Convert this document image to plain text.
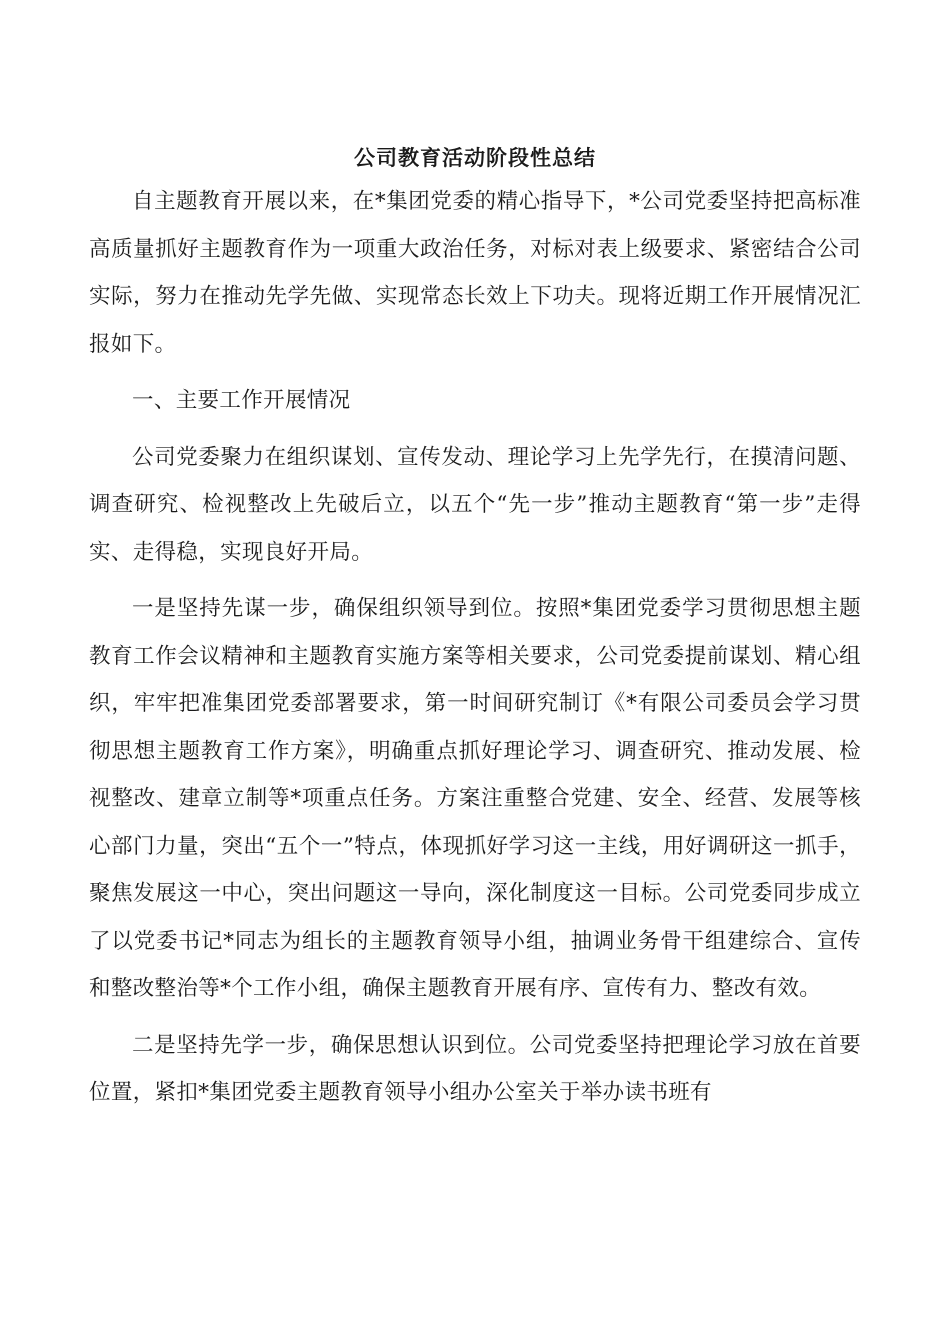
公司教育活动阶段性总结

自主题教育开展以来，在*集团党委的精心指导下，*公司党委坚持把高标准高质量抓好主题教育作为一项重大政治任务，对标对表上级要求、紧密结合公司实际，努力在推动先学先做、实现常态长效上下功夫。现将近期工作开展情况汇报如下。

一、主要工作开展情况

公司党委聚力在组织谋划、宣传发动、理论学习上先学先行，在摸清问题、调查研究、检视整改上先破后立，以五个“先一步”推动主题教育“第一步”走得实、走得稳，实现良好开局。

一是坚持先谋一步，确保组织领导到位。按照*集团党委学习贯彻思想主题教育工作会议精神和主题教育实施方案等相关要求，公司党委提前谋划、精心组织，牢牢把准集团党委部署要求，第一时间研究制订《*有限公司委员会学习贯彻思想主题教育工作方案》，明确重点抓好理论学习、调查研究、推动发展、检视整改、建章立制等*项重点任务。方案注重整合党建、安全、经营、发展等核心部门力量，突出“五个一”特点，体现抓好学习这一主线，用好调研这一抓手，聚焦发展这一中心，突出问题这一导向，深化制度这一目标。公司党委同步成立了以党委书记*同志为组长的主题教育领导小组，抽调业务骨干组建综合、宣传和整改整治等*个工作小组，确保主题教育开展有序、宣传有力、整改有效。

二是坚持先学一步，确保思想认识到位。公司党委坚持把理论学习放在首要位置，紧扣*集团党委主题教育领导小组办公室关于举办读书班有
